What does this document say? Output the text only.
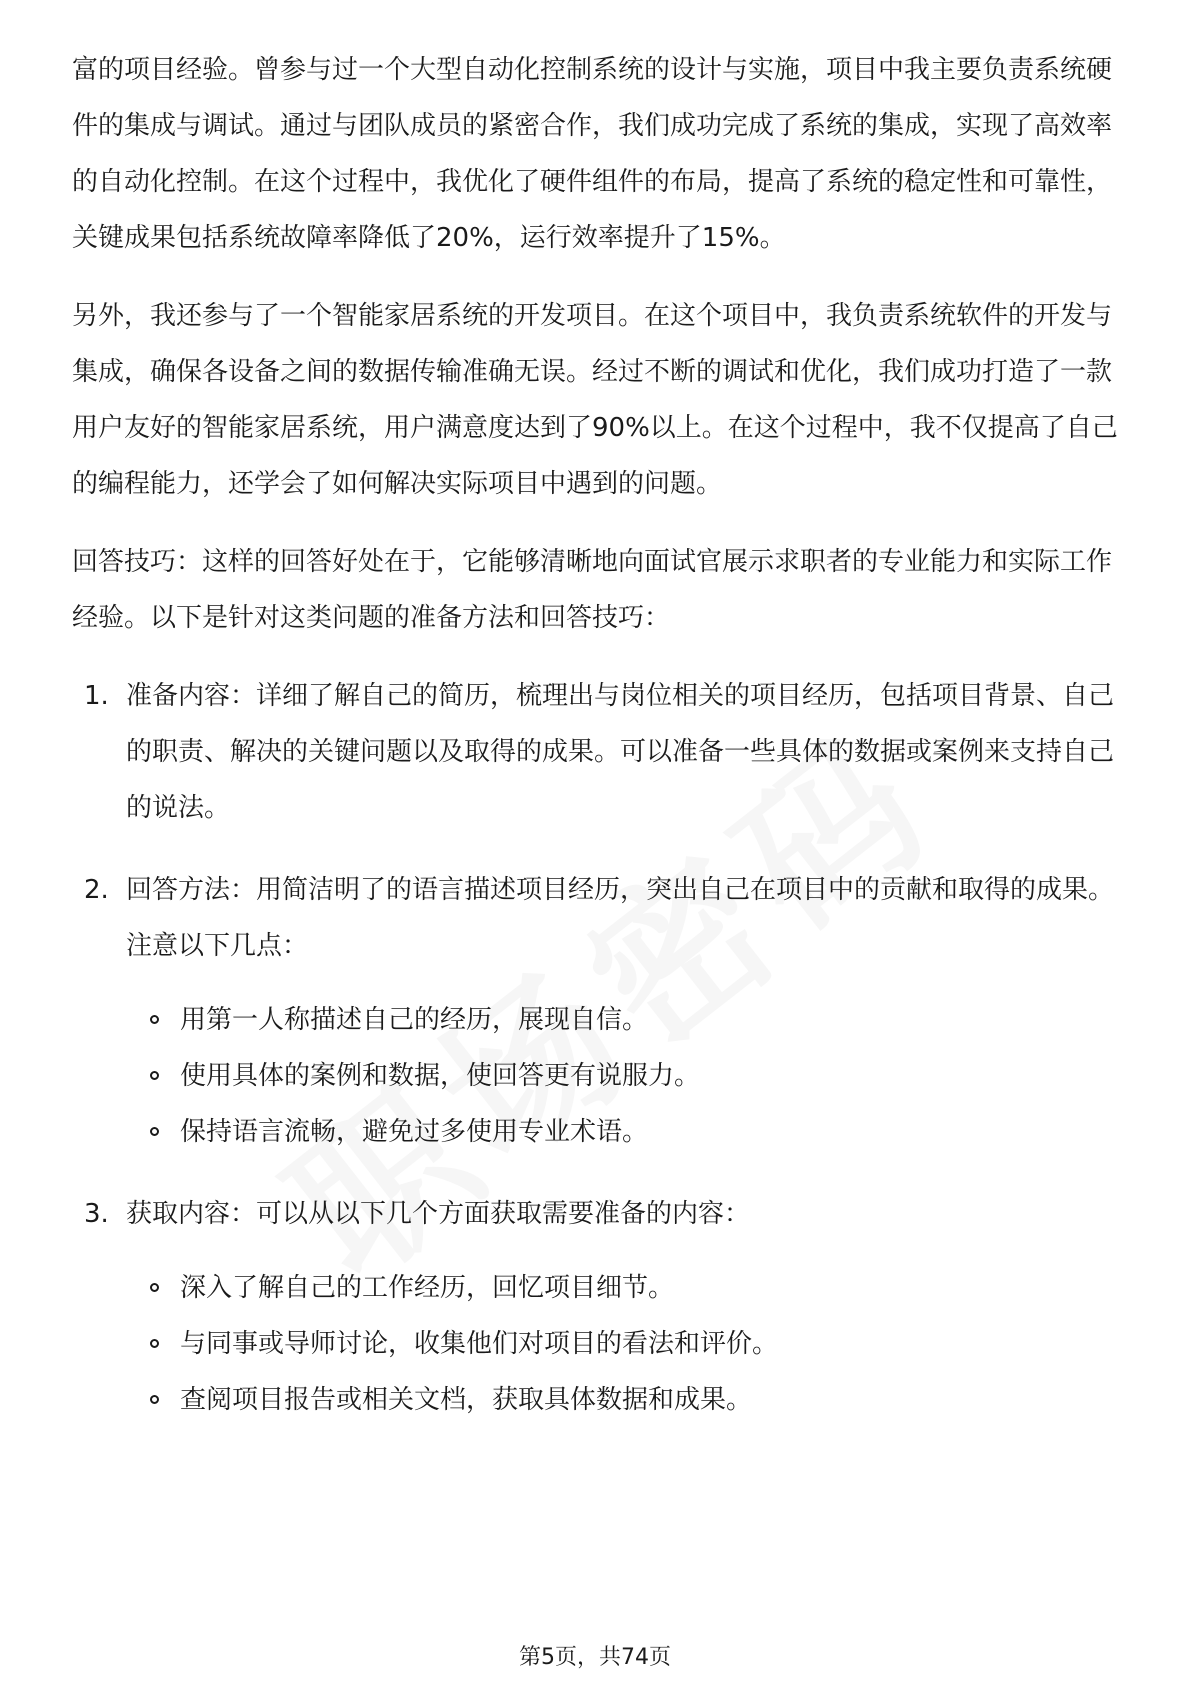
富的项目经验。曾参与过一个大型自动化控制系统的设计与实施，项目中我主要负责系统硬件的集成与调试。通过与团队成员的紧密合作，我们成功完成了系统的集成，实现了高效率的自动化控制。在这个过程中，我优化了硬件组件的布局，提高了系统的稳定性和可靠性，关键成果包括系统故障率降低了20%，运行效率提升了15%。

另外，我还参与了一个智能家居系统的开发项目。在这个项目中，我负责系统软件的开发与集成，确保各设备之间的数据传输准确无误。经过不断的调试和优化，我们成功打造了一款用户友好的智能家居系统，用户满意度达到了90%以上。在这个过程中，我不仅提高了自己的编程能力，还学会了如何解决实际项目中遇到的问题。

回答技巧：这样的回答好处在于，它能够清晰地向面试官展示求职者的专业能力和实际工作经验。以下是针对这类问题的准备方法和回答技巧：

1. 准备内容：详细了解自己的简历，梳理出与岗位相关的项目经历，包括项目背景、自己的职责、解决的关键问题以及取得的成果。可以准备一些具体的数据或案例来支持自己的说法。
2. 回答方法：用简洁明了的语言描述项目经历，突出自己在项目中的贡献和取得的成果。注意以下几点：
用第一人称描述自己的经历，展现自信。
使用具体的案例和数据，使回答更有说服力。
保持语言流畅，避免过多使用专业术语。
3. 获取内容：可以从以下几个方面获取需要准备的内容：
深入了解自己的工作经历，回忆项目细节。
与同事或导师讨论，收集他们对项目的看法和评价。
查阅项目报告或相关文档，获取具体数据和成果。
第5页，共74页
